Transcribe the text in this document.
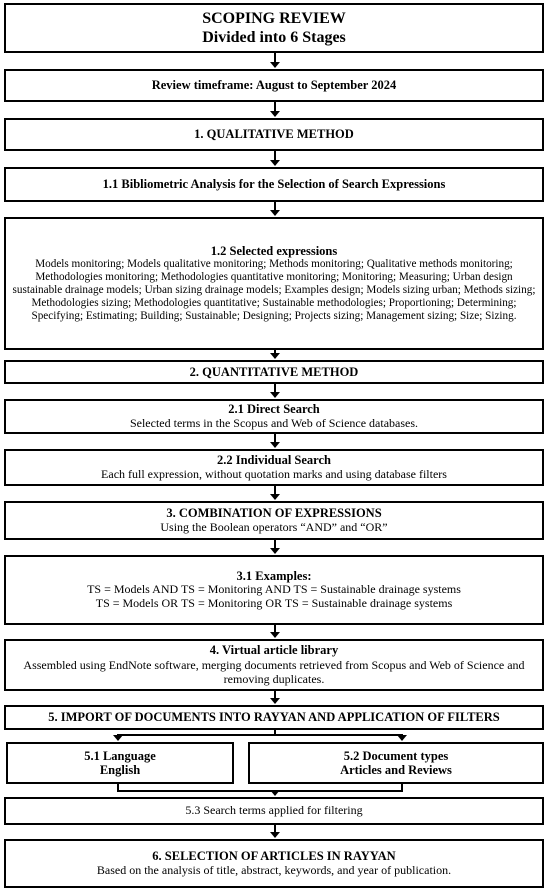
SCOPING REVIEW
Divided into 6 Stages
Review timeframe: August to September 2024
1. QUALITATIVE METHOD
1.1 Bibliometric Analysis for the Selection of Search Expressions
1.2 Selected expressions
Models monitoring; Models qualitative monitoring; Methods monitoring; Qualitative methods monitoring; Methodologies monitoring; Methodologies quantitative monitoring; Monitoring; Measuring; Urban design sustainable drainage models; Urban sizing drainage models; Examples design; Models sizing urban; Methods sizing; Methodologies sizing; Methodologies quantitative; Sustainable methodologies; Proportioning; Determining; Specifying; Estimating; Building; Sustainable; Designing; Projects sizing; Management sizing; Size; Sizing.
2. QUANTITATIVE METHOD
2.1 Direct Search
Selected terms in the Scopus and Web of Science databases.
2.2 Individual Search
Each full expression, without quotation marks and using database filters
3. COMBINATION OF EXPRESSIONS
Using the Boolean operators “AND” and “OR”
3.1 Examples:
TS = Models AND TS = Monitoring AND TS = Sustainable drainage systems
TS = Models OR TS = Monitoring OR TS = Sustainable drainage systems
4. Virtual article library
Assembled using EndNote software, merging documents retrieved from Scopus and Web of Science and removing duplicates.
5. IMPORT OF DOCUMENTS INTO RAYYAN AND APPLICATION OF FILTERS
5.1 Language
English
5.2 Document types
Articles and Reviews
5.3 Search terms applied for filtering
6. SELECTION OF ARTICLES IN RAYYAN
Based on the analysis of title, abstract, keywords, and year of publication.
